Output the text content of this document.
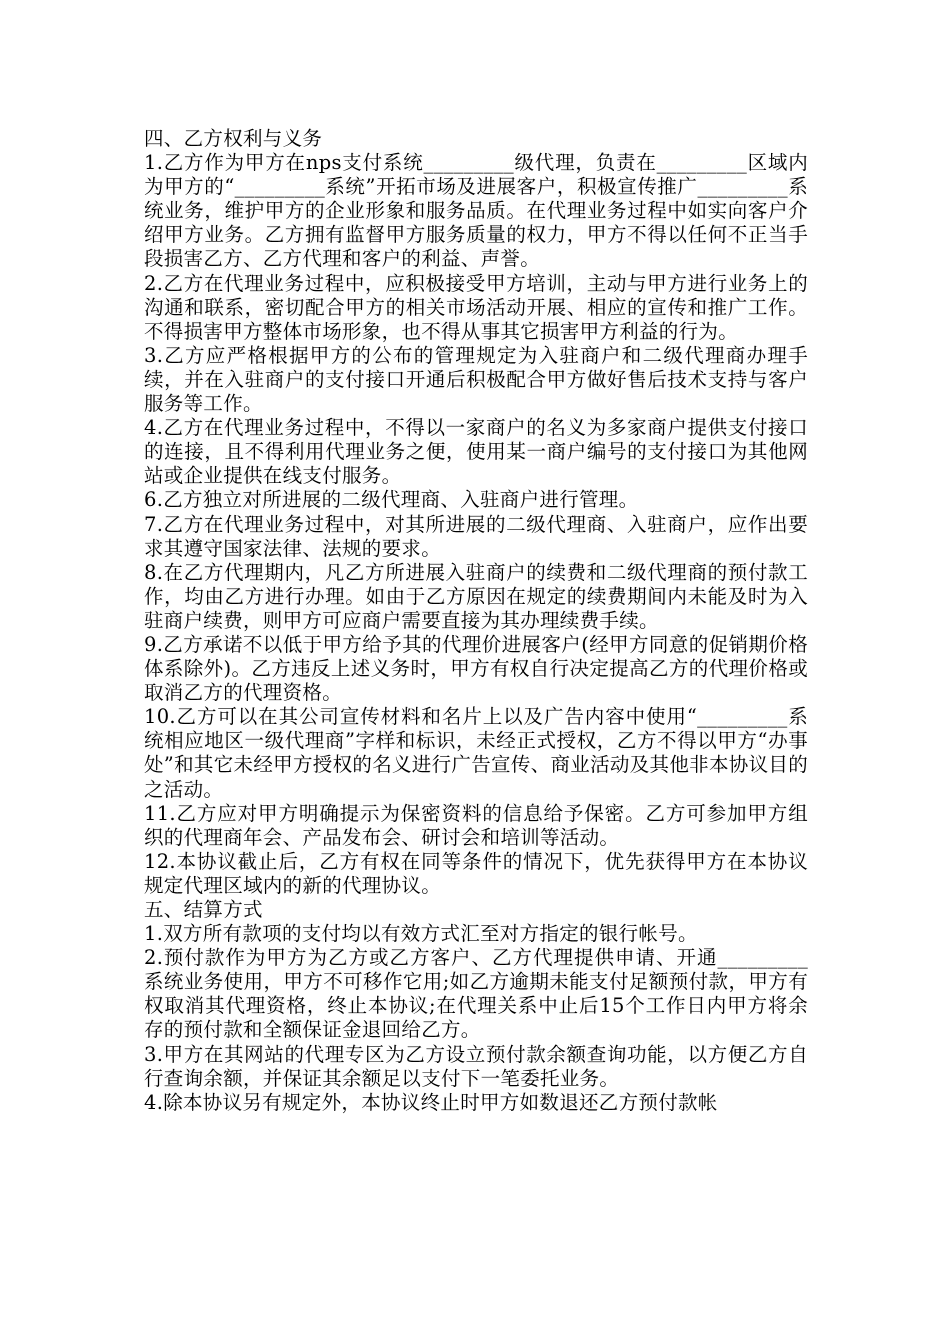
四、乙方权利与义务
1.乙方作为甲方在nps支付系统_________级代理，负责在_________区域内为甲方的“_________系统”开拓市场及进展客户，积极宣传推广_________系统业务，维护甲方的企业形象和服务品质。在代理业务过程中如实向客户介绍甲方业务。乙方拥有监督甲方服务质量的权力，甲方不得以任何不正当手段损害乙方、乙方代理和客户的利益、声誉。
2.乙方在代理业务过程中，应积极接受甲方培训，主动与甲方进行业务上的沟通和联系，密切配合甲方的相关市场活动开展、相应的宣传和推广工作。不得损害甲方整体市场形象，也不得从事其它损害甲方利益的行为。
3.乙方应严格根据甲方的公布的管理规定为入驻商户和二级代理商办理手续，并在入驻商户的支付接口开通后积极配合甲方做好售后技术支持与客户服务等工作。
4.乙方在代理业务过程中，不得以一家商户的名义为多家商户提供支付接口的连接，且不得利用代理业务之便，使用某一商户编号的支付接口为其他网站或企业提供在线支付服务。
6.乙方独立对所进展的二级代理商、入驻商户进行管理。
7.乙方在代理业务过程中，对其所进展的二级代理商、入驻商户，应作出要求其遵守国家法律、法规的要求。
8.在乙方代理期内，凡乙方所进展入驻商户的续费和二级代理商的预付款工作，均由乙方进行办理。如由于乙方原因在规定的续费期间内未能及时为入驻商户续费，则甲方可应商户需要直接为其办理续费手续。
9.乙方承诺不以低于甲方给予其的代理价进展客户(经甲方同意的促销期价格体系除外)。乙方违反上述义务时，甲方有权自行决定提高乙方的代理价格或取消乙方的代理资格。
10.乙方可以在其公司宣传材料和名片上以及广告内容中使用“_________系统相应地区一级代理商”字样和标识，未经正式授权，乙方不得以甲方“办事处”和其它未经甲方授权的名义进行广告宣传、商业活动及其他非本协议目的之活动。
11.乙方应对甲方明确提示为保密资料的信息给予保密。乙方可参加甲方组织的代理商年会、产品发布会、研讨会和培训等活动。
12.本协议截止后，乙方有权在同等条件的情况下，优先获得甲方在本协议规定代理区域内的新的代理协议。
五、结算方式
1.双方所有款项的支付均以有效方式汇至对方指定的银行帐号。
2.预付款作为甲方为乙方或乙方客户、乙方代理提供申请、开通_________系统业务使用，甲方不可移作它用;如乙方逾期未能支付足额预付款，甲方有权取消其代理资格，终止本协议;在代理关系中止后15个工作日内甲方将余存的预付款和全额保证金退回给乙方。
3.甲方在其网站的代理专区为乙方设立预付款余额查询功能，以方便乙方自行查询余额，并保证其余额足以支付下一笔委托业务。
4.除本协议另有规定外，本协议终止时甲方如数退还乙方预付款帐
